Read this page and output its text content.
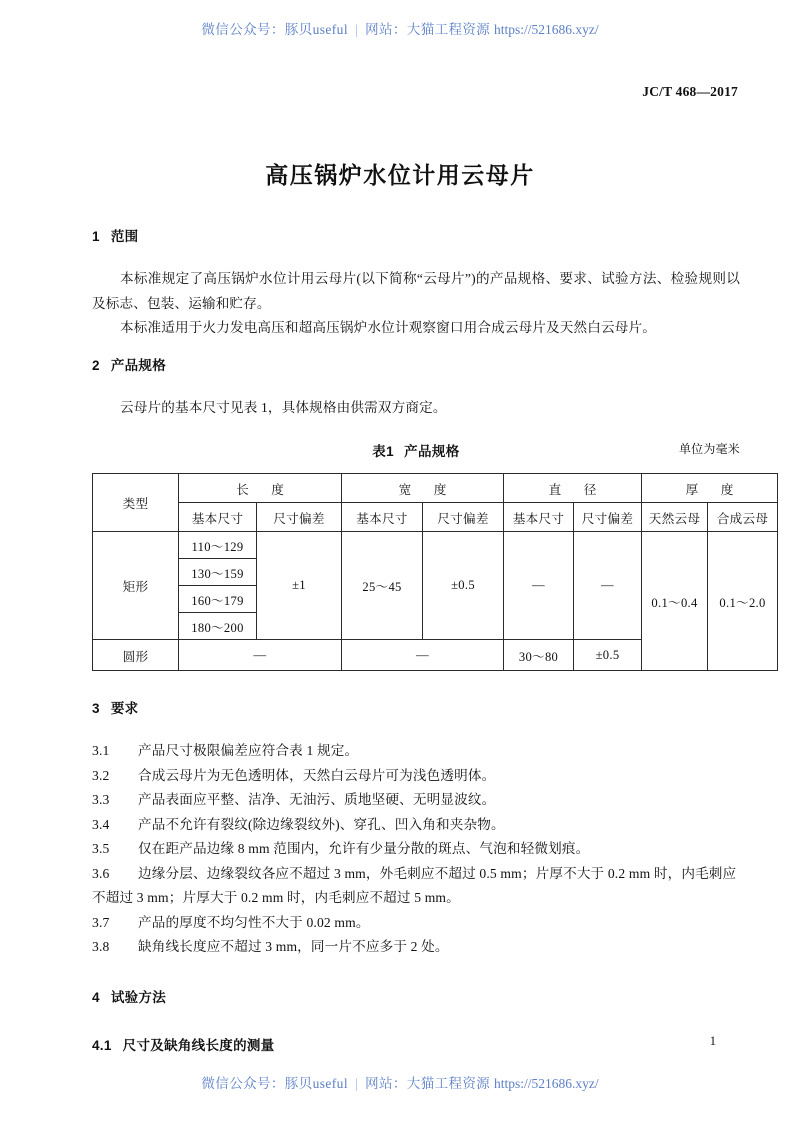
微信公众号：豚贝useful | 网站：大猫工程资源 https://521686.xyz/
JC/T 468—2017
高压锅炉水位计用云母片
1 范围

本标准规定了高压锅炉水位计用云母片(以下简称“云母片”)的产品规格、要求、试验方法、检验规则以及标志、包装、运输和贮存。

本标准适用于火力发电高压和超高压锅炉水位计观察窗口用合成云母片及天然白云母片。

2 产品规格

云母片的基本尺寸见表 1，具体规格由供需双方商定。

表1 产品规格	单位为毫米
类型	长　度		宽　度		直　径		厚　度	
	基本尺寸	尺寸偏差	基本尺寸	尺寸偏差	基本尺寸	尺寸偏差	天然云母	合成云母
矩形	110～129	±1	25～45	±0.5	—	—	0.1～0.4	0.1～2.0
	130～159							
	160～179							
	180～200							
圆形	—		—		30～80	±0.5		
3 要求
3.1	产品尺寸极限偏差应符合表 1 规定。
3.2	合成云母片为无色透明体，天然白云母片可为浅色透明体。
3.3	产品表面应平整、洁净、无油污、质地坚硬、无明显波纹。
3.4	产品不允许有裂纹(除边缘裂纹外)、穿孔、凹入角和夹杂物。
3.5	仅在距产品边缘 8 mm 范围内，允许有少量分散的斑点、气泡和轻微划痕。
3.6	边缘分层、边缘裂纹各应不超过 3 mm，外毛刺应不超过 0.5 mm；片厚不大于 0.2 mm 时，内毛刺应
不超过 3 mm；片厚大于 0.2 mm 时，内毛刺应不超过 5 mm。
3.7	产品的厚度不均匀性不大于 0.02 mm。
3.8	缺角线长度应不超过 3 mm，同一片不应多于 2 处。
4 试验方法
4.1 尺寸及缺角线长度的测量	1
微信公众号：豚贝useful | 网站：大猫工程资源 https://521686.xyz/
